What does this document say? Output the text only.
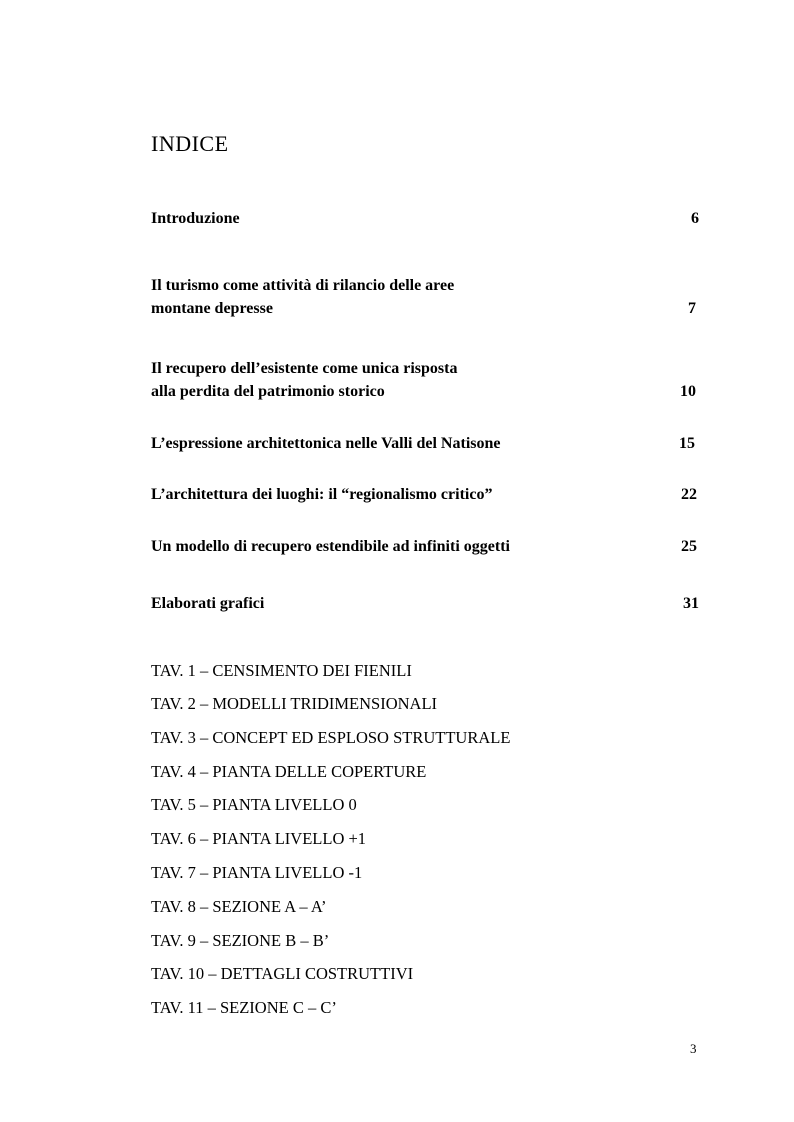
INDICE
Introduzione	6
Il turismo come attività di rilancio delle aree
montane depresse	7
Il recupero dell’esistente come unica risposta
alla perdita del patrimonio storico	10
L’espressione architettonica nelle Valli del Natisone	15
L’architettura dei luoghi: il “regionalismo critico”	22
Un modello di recupero estendibile ad infiniti oggetti	25
Elaborati grafici	31
TAV. 1 – CENSIMENTO DEI FIENILI
TAV. 2 – MODELLI TRIDIMENSIONALI
TAV. 3 – CONCEPT ED ESPLOSO STRUTTURALE
TAV. 4 – PIANTA DELLE COPERTURE
TAV. 5 – PIANTA LIVELLO 0
TAV. 6 – PIANTA LIVELLO +1
TAV. 7 – PIANTA LIVELLO -1
TAV. 8 – SEZIONE A – A’
TAV. 9 – SEZIONE B – B’
TAV. 10 – DETTAGLI COSTRUTTIVI
TAV. 11 – SEZIONE C – C’
3
